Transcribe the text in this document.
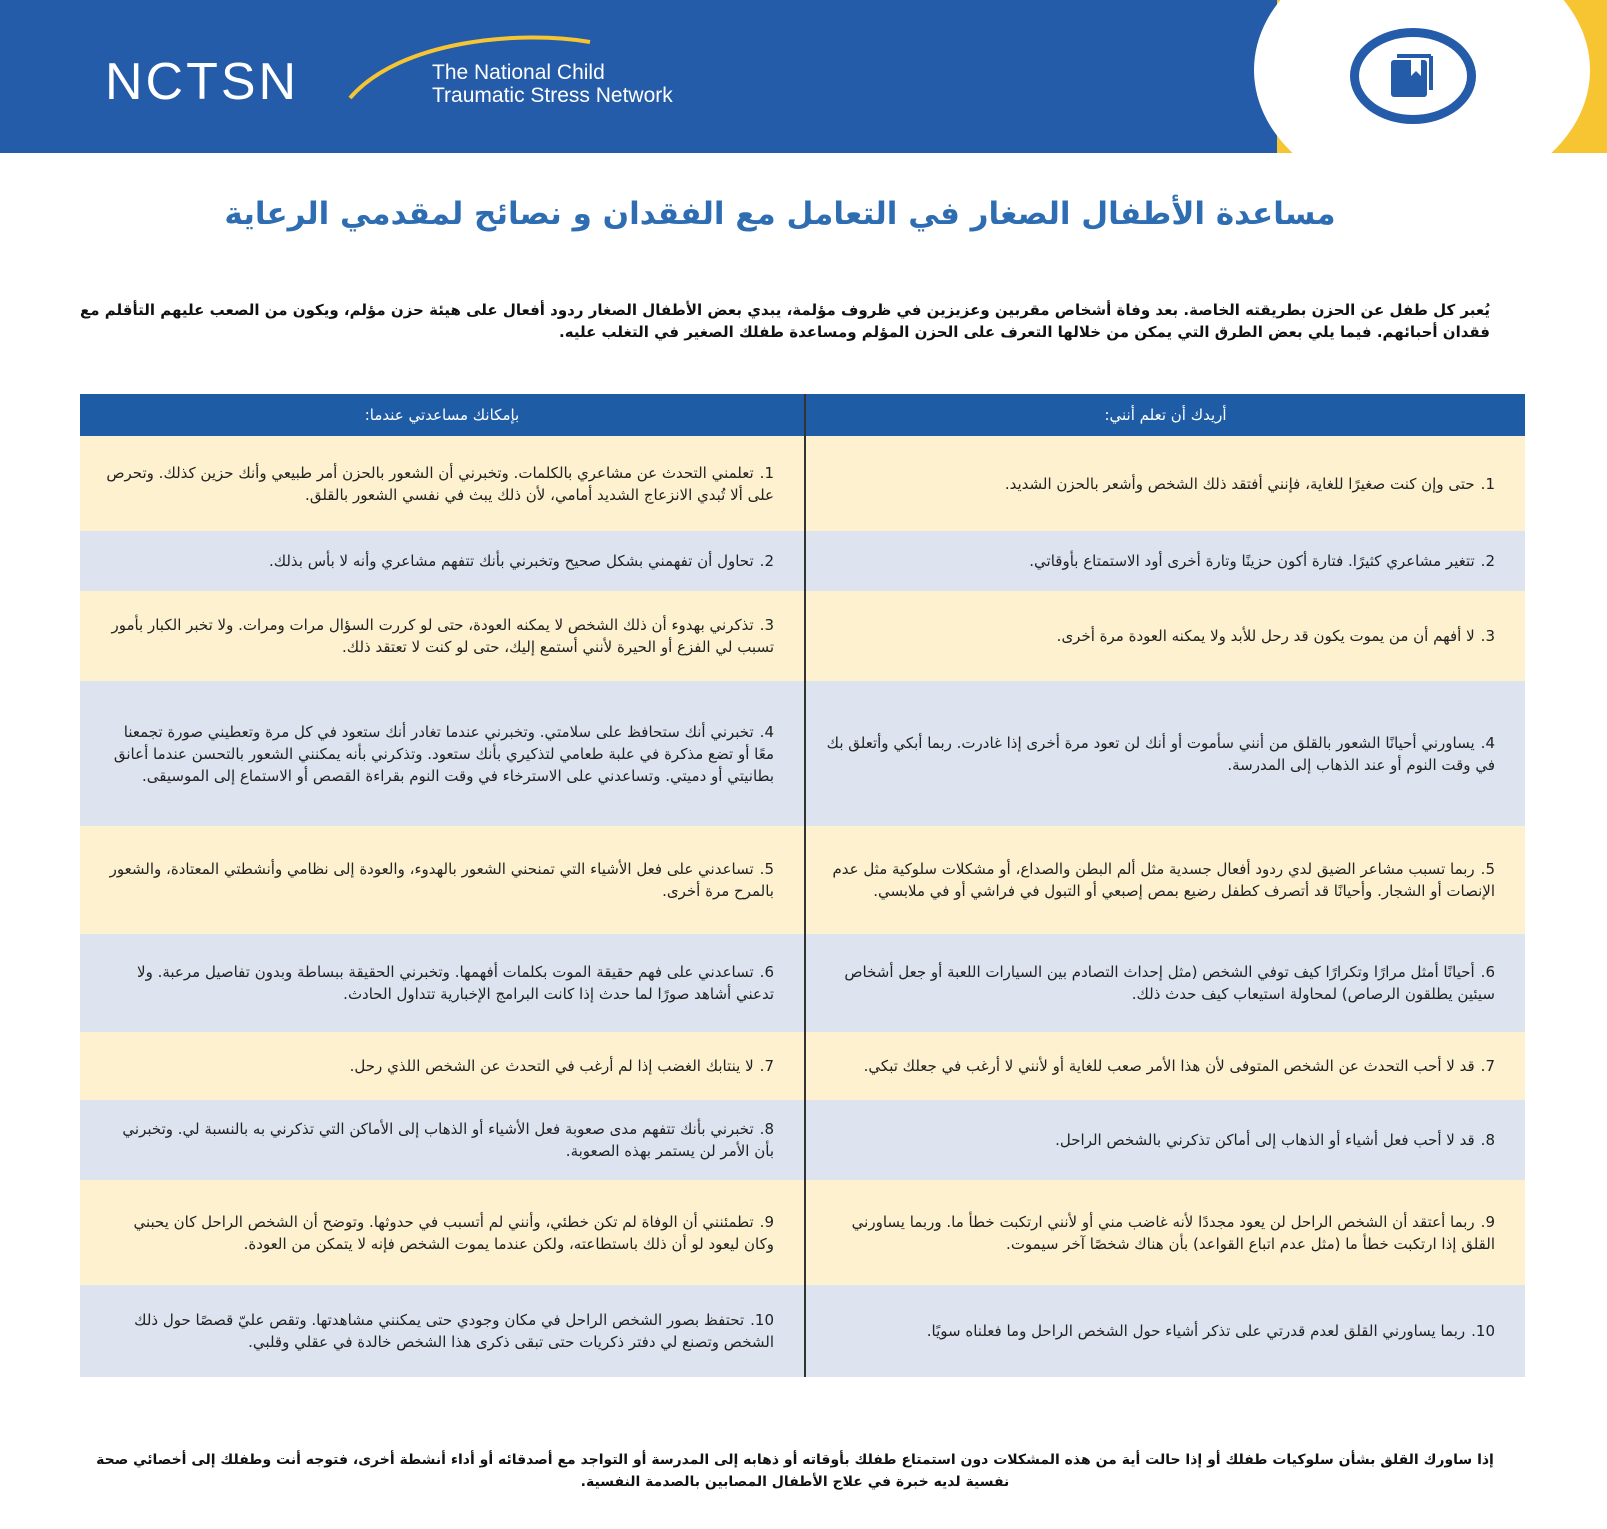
NCTSN	The National Child
Traumatic Stress Network
مساعدة الأطفال الصغار في التعامل مع الفقدان و نصائح لمقدمي الرعاية
يُعبر كل طفل عن الحزن بطريقته الخاصة. بعد وفاة أشخاص مقربين وعزيزين في ظروف مؤلمة، يبدي بعض الأطفال الصغار ردود أفعال على هيئة حزن مؤلم، ويكون من الصعب عليهم التأقلم مع فقدان أحبائهم. فيما يلي بعض الطرق التي يمكن من خلالها التعرف على الحزن المؤلم ومساعدة طفلك الصغير في التغلب عليه.
أريدك أن تعلم أنني:	بإمكانك مساعدتي عندما:
1.حتى وإن كنت صغيرًا للغاية، فإنني أفتقد ذلك الشخص وأشعر بالحزن الشديد.	1.تعلمني التحدث عن مشاعري بالكلمات. وتخبرني أن الشعور بالحزن أمر طبيعي وأنك حزين كذلك. وتحرص على ألا تُبدي الانزعاج الشديد أمامي، لأن ذلك يبث في نفسي الشعور بالقلق.
2.تتغير مشاعري كثيرًا. فتارة أكون حزينًا وتارة أخرى أود الاستمتاع بأوقاتي.	2.تحاول أن تفهمني بشكل صحيح وتخبرني بأنك تتفهم مشاعري وأنه لا بأس بذلك.
3.لا أفهم أن من يموت يكون قد رحل للأبد ولا يمكنه العودة مرة أخرى.	3.تذكرني بهدوء أن ذلك الشخص لا يمكنه العودة، حتى لو كررت السؤال مرات ومرات. ولا تخبر الكبار بأمور تسبب لي الفزع أو الحيرة لأنني أستمع إليك، حتى لو كنت لا تعتقد ذلك.
4.يساورني أحيانًا الشعور بالقلق من أنني سأموت أو أنك لن تعود مرة أخرى إذا غادرت. ربما أبكي وأتعلق بك في وقت النوم أو عند الذهاب إلى المدرسة.	4.تخبرني أنك ستحافظ على سلامتي. وتخبرني عندما تغادر أنك ستعود في كل مرة وتعطيني صورة تجمعنا معًا أو تضع مذكرة في علبة طعامي لتذكيري بأنك ستعود. وتذكرني بأنه يمكنني الشعور بالتحسن عندما أعانق بطانيتي أو دميتي. وتساعدني على الاسترخاء في وقت النوم بقراءة القصص أو الاستماع إلى الموسيقى.
5.ربما تسبب مشاعر الضيق لدي ردود أفعال جسدية مثل ألم البطن والصداع، أو مشكلات سلوكية مثل عدم الإنصات أو الشجار. وأحيانًا قد أتصرف كطفل رضيع بمص إصبعي أو التبول في فراشي أو في ملابسي.	5.تساعدني على فعل الأشياء التي تمنحني الشعور بالهدوء، والعودة إلى نظامي وأنشطتي المعتادة، والشعور بالمرح مرة أخرى.
6.أحيانًا أمثل مرارًا وتكرارًا كيف توفي الشخص (مثل إحداث التصادم بين السيارات اللعبة أو جعل أشخاص سيئين يطلقون الرصاص) لمحاولة استيعاب كيف حدث ذلك.	6.تساعدني على فهم حقيقة الموت بكلمات أفهمها. وتخبرني الحقيقة ببساطة وبدون تفاصيل مرعبة. ولا تدعني أشاهد صورًا لما حدث إذا كانت البرامج الإخبارية تتداول الحادث.
7.قد لا أحب التحدث عن الشخص المتوفى لأن هذا الأمر صعب للغاية أو لأنني لا أرغب في جعلك تبكي.	7.لا ينتابك الغضب إذا لم أرغب في التحدث عن الشخص اللذي رحل.
8.قد لا أحب فعل أشياء أو الذهاب إلى أماكن تذكرني بالشخص الراحل.	8.تخبرني بأنك تتفهم مدى صعوبة فعل الأشياء أو الذهاب إلى الأماكن التي تذكرني به بالنسبة لي. وتخبرني بأن الأمر لن يستمر بهذه الصعوبة.
9.ربما أعتقد أن الشخص الراحل لن يعود مجددًا لأنه غاضب مني أو لأنني ارتكبت خطأ ما. وربما يساورني القلق إذا ارتكبت خطأ ما (مثل عدم اتباع القواعد) بأن هناك شخصًا آخر سيموت.	9.تطمئنني أن الوفاة لم تكن خطئي، وأنني لم أتسبب في حدوثها. وتوضح أن الشخص الراحل كان يحبني وكان ليعود لو أن ذلك باستطاعته، ولكن عندما يموت الشخص فإنه لا يتمكن من العودة.
10.ربما يساورني القلق لعدم قدرتي على تذكر أشياء حول الشخص الراحل وما فعلناه سويًا.	10.تحتفظ بصور الشخص الراحل في مكان وجودي حتى يمكنني مشاهدتها. وتقص عليّ قصصًا حول ذلك الشخص وتصنع لي دفتر ذكريات حتى تبقى ذكرى هذا الشخص خالدة في عقلي وقلبي.
إذا ساورك القلق بشأن سلوكيات طفلك أو إذا حالت أية من هذه المشكلات دون استمتاع طفلك بأوقاته أو ذهابه إلى المدرسة أو التواجد مع أصدقائه أو أداء أنشطة أخرى، فتوجه أنت وطفلك إلى أخصائي صحة نفسية لديه خبرة في علاج الأطفال المصابين بالصدمة النفسية.
